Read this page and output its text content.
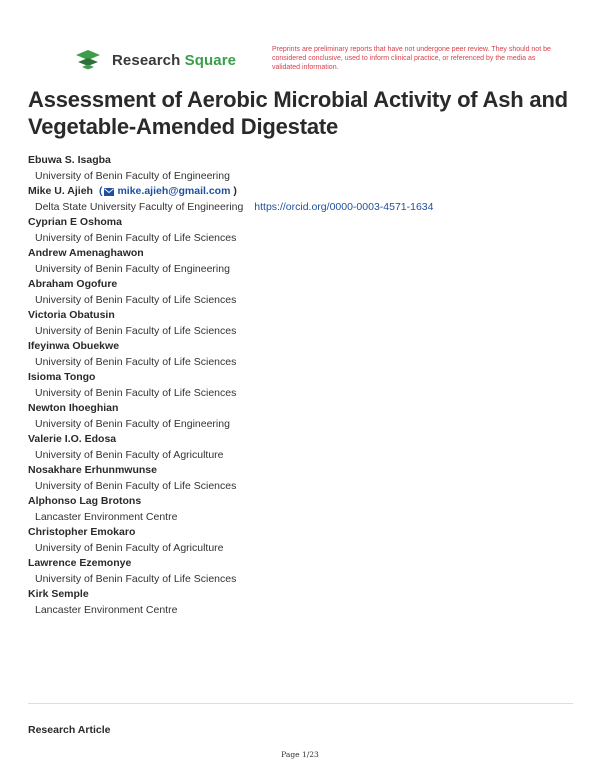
Research Square
Preprints are preliminary reports that have not undergone peer review. They should not be considered conclusive, used to inform clinical practice, or referenced by the media as validated information.
Assessment of Aerobic Microbial Activity of Ash and Vegetable-Amended Digestate
Ebuwa S. Isagba
University of Benin Faculty of Engineering
Mike U. Ajieh ( mike.ajieh@gmail.com )
Delta State University Faculty of Engineering https://orcid.org/0000-0003-4571-1634
Cyprian E Oshoma
University of Benin Faculty of Life Sciences
Andrew Amenaghawon
University of Benin Faculty of Engineering
Abraham Ogofure
University of Benin Faculty of Life Sciences
Victoria Obatusin
University of Benin Faculty of Life Sciences
Ifeyinwa Obuekwe
University of Benin Faculty of Life Sciences
Isioma Tongo
University of Benin Faculty of Life Sciences
Newton Ihoeghian
University of Benin Faculty of Engineering
Valerie I.O. Edosa
University of Benin Faculty of Agriculture
Nosakhare Erhunmwunse
University of Benin Faculty of Life Sciences
Alphonso Lag Brotons
Lancaster Environment Centre
Christopher Emokaro
University of Benin Faculty of Agriculture
Lawrence Ezemonye
University of Benin Faculty of Life Sciences
Kirk Semple
Lancaster Environment Centre
Research Article
Page 1/23
